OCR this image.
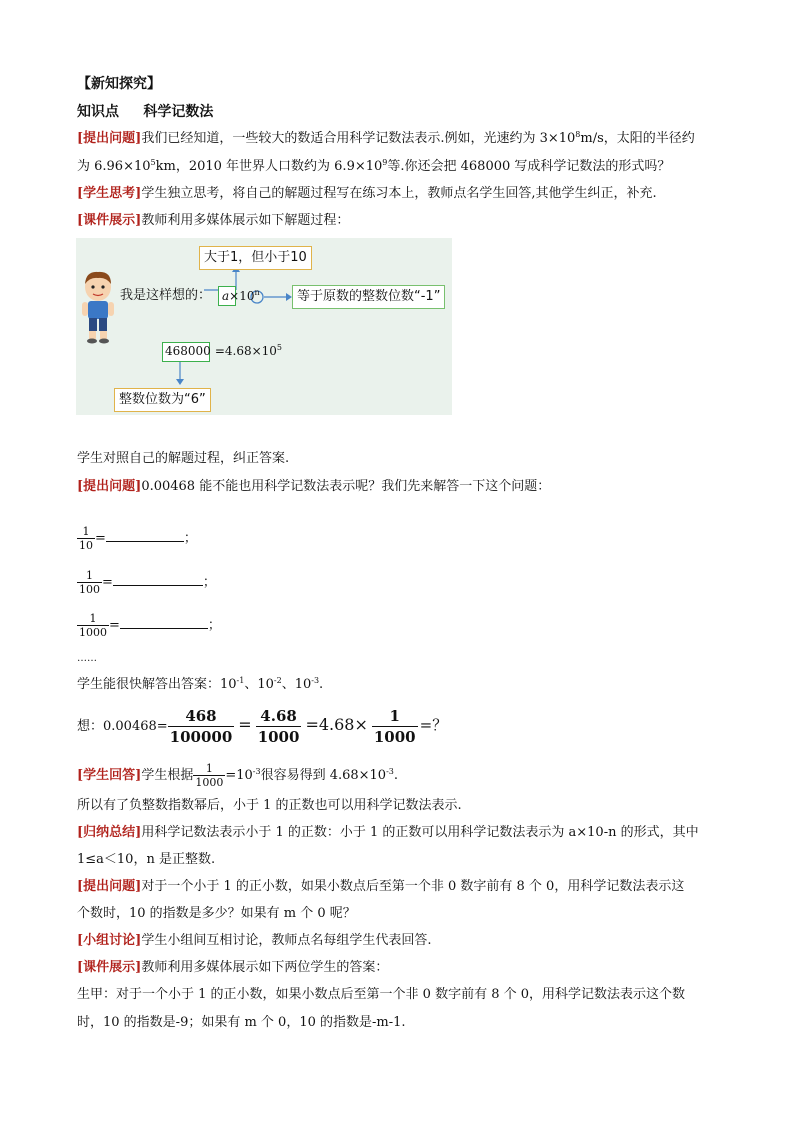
【新知探究】
知识点 科学记数法
[提出问题]我们已经知道，一些较大的数适合用科学记数法表示.例如，光速约为 $3\times 10^8m/s$，太阳的半径约
为 $6.96\times 10^5km$，2010 年世界人口数约为 $6.9\times 10^9$等.你还会把 468000 写成科学记数法的形式吗？
[学生思考]学生独立思考，将自己的解题过程写在练习本上，教师点名学生回答,其他学生纠正，补充.
[课件展示]教师利用多媒体展示如下解题过程：
大于1，但小于10
我是这样想的： $a\times 10^n$	等于原数的整数位数“-1”
$468000 =4.68\times 10^5$
整数位数为“6”
学生对照自己的解题过程，纠正答案.
[提出问题]0.00468 能不能也用科学记数法表示呢？我们先来解答一下这个问题：
$\frac{1}{10}$ =	；
$\frac{1}{100}$ =	；
$\frac{1}{1000}$ =	；
……
学生能很快解答出答案：$10^{-1}$、$10^{-2}$、$10^{-3}$.
想：$0.00468= \frac{468}{100000} = \frac{4.68}{1000} =4.68\times \frac{1}{1000}$ =？
[学生回答]学生根据 $\frac{1}{1000} =10^{-3}$很容易得到 $4.68\times 10^{-3}$.
所以有了负整数指数幂后，小于 1 的正数也可以用科学记数法表示.
[归纳总结]用科学记数法表示小于 1 的正数：小于 1 的正数可以用科学记数法表示为 a×10-n 的形式，其中
1≤a＜10，n 是正整数.
[提出问题]对于一个小于 1 的正小数，如果小数点后至第一个非 0 数字前有 8 个 0，用科学记数法表示这
个数时，10 的指数是多少？如果有 m 个 0 呢？
[小组讨论]学生小组间互相讨论，教师点名每组学生代表回答.
[课件展示]教师利用多媒体展示如下两位学生的答案：
生甲：对于一个小于 1 的正小数，如果小数点后至第一个非 0 数字前有 8 个 0，用科学记数法表示这个数
时，10 的指数是-9；如果有 m 个 0，10 的指数是-m-1.
